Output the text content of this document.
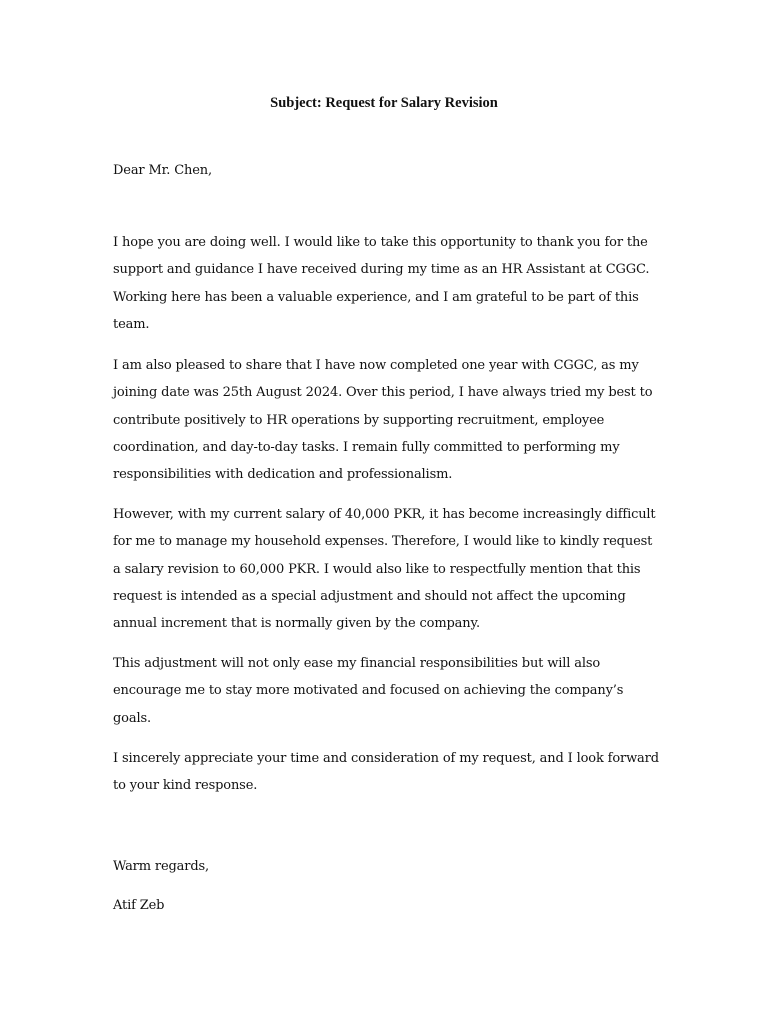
Subject: Request for Salary Revision
Dear Mr. Chen,
I hope you are doing well. I would like to take this opportunity to thank you for the support and guidance I have received during my time as an HR Assistant at CGGC. Working here has been a valuable experience, and I am grateful to be part of this team.
I am also pleased to share that I have now completed one year with CGGC, as my joining date was 25th August 2024. Over this period, I have always tried my best to contribute positively to HR operations by supporting recruitment, employee coordination, and day-to-day tasks. I remain fully committed to performing my responsibilities with dedication and professionalism.
However, with my current salary of 40,000 PKR, it has become increasingly difficult for me to manage my household expenses. Therefore, I would like to kindly request a salary revision to 60,000 PKR. I would also like to respectfully mention that this request is intended as a special adjustment and should not affect the upcoming annual increment that is normally given by the company.
This adjustment will not only ease my financial responsibilities but will also encourage me to stay more motivated and focused on achieving the company’s goals.
I sincerely appreciate your time and consideration of my request, and I look forward to your kind response.
Warm regards,
Atif Zeb
